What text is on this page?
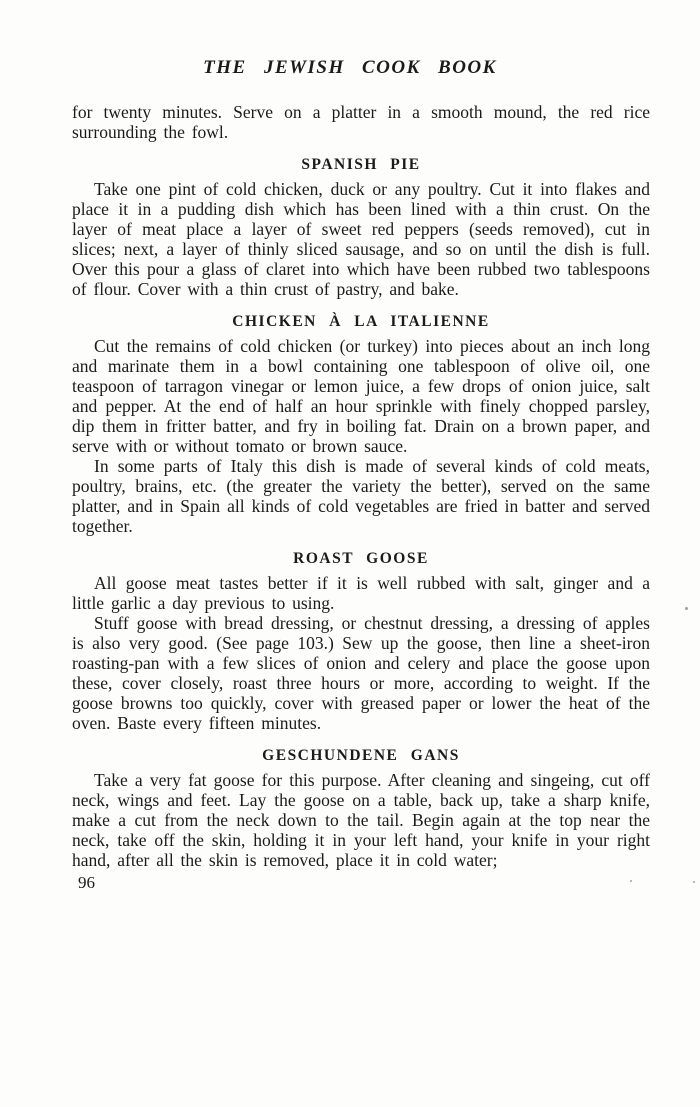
THE JEWISH COOK BOOK

for twenty minutes. Serve on a platter in a smooth mound, the red rice surrounding the fowl.

SPANISH PIE

Take one pint of cold chicken, duck or any poultry. Cut it into flakes and place it in a pudding dish which has been lined with a thin crust. On the layer of meat place a layer of sweet red peppers (seeds removed), cut in slices; next, a layer of thinly sliced sausage, and so on until the dish is full. Over this pour a glass of claret into which have been rubbed two tablespoons of flour. Cover with a thin crust of pastry, and bake.

CHICKEN À LA ITALIENNE

Cut the remains of cold chicken (or turkey) into pieces about an inch long and marinate them in a bowl containing one tablespoon of olive oil, one teaspoon of tarragon vinegar or lemon juice, a few drops of onion juice, salt and pepper. At the end of half an hour sprinkle with finely chopped parsley, dip them in fritter batter, and fry in boiling fat. Drain on a brown paper, and serve with or without tomato or brown sauce.

In some parts of Italy this dish is made of several kinds of cold meats, poultry, brains, etc. (the greater the variety the better), served on the same platter, and in Spain all kinds of cold vegetables are fried in batter and served together.

ROAST GOOSE

All goose meat tastes better if it is well rubbed with salt, ginger and a little garlic a day previous to using.

Stuff goose with bread dressing, or chestnut dressing, a dressing of apples is also very good. (See page 103.) Sew up the goose, then line a sheet-iron roasting-pan with a few slices of onion and celery and place the goose upon these, cover closely, roast three hours or more, according to weight. If the goose browns too quickly, cover with greased paper or lower the heat of the oven. Baste every fifteen minutes.

GESCHUNDENE GANS

Take a very fat goose for this purpose. After cleaning and singeing, cut off neck, wings and feet. Lay the goose on a table, back up, take a sharp knife, make a cut from the neck down to the tail. Begin again at the top near the neck, take off the skin, holding it in your left hand, your knife in your right hand, after all the skin is removed, place it in cold water;

96
